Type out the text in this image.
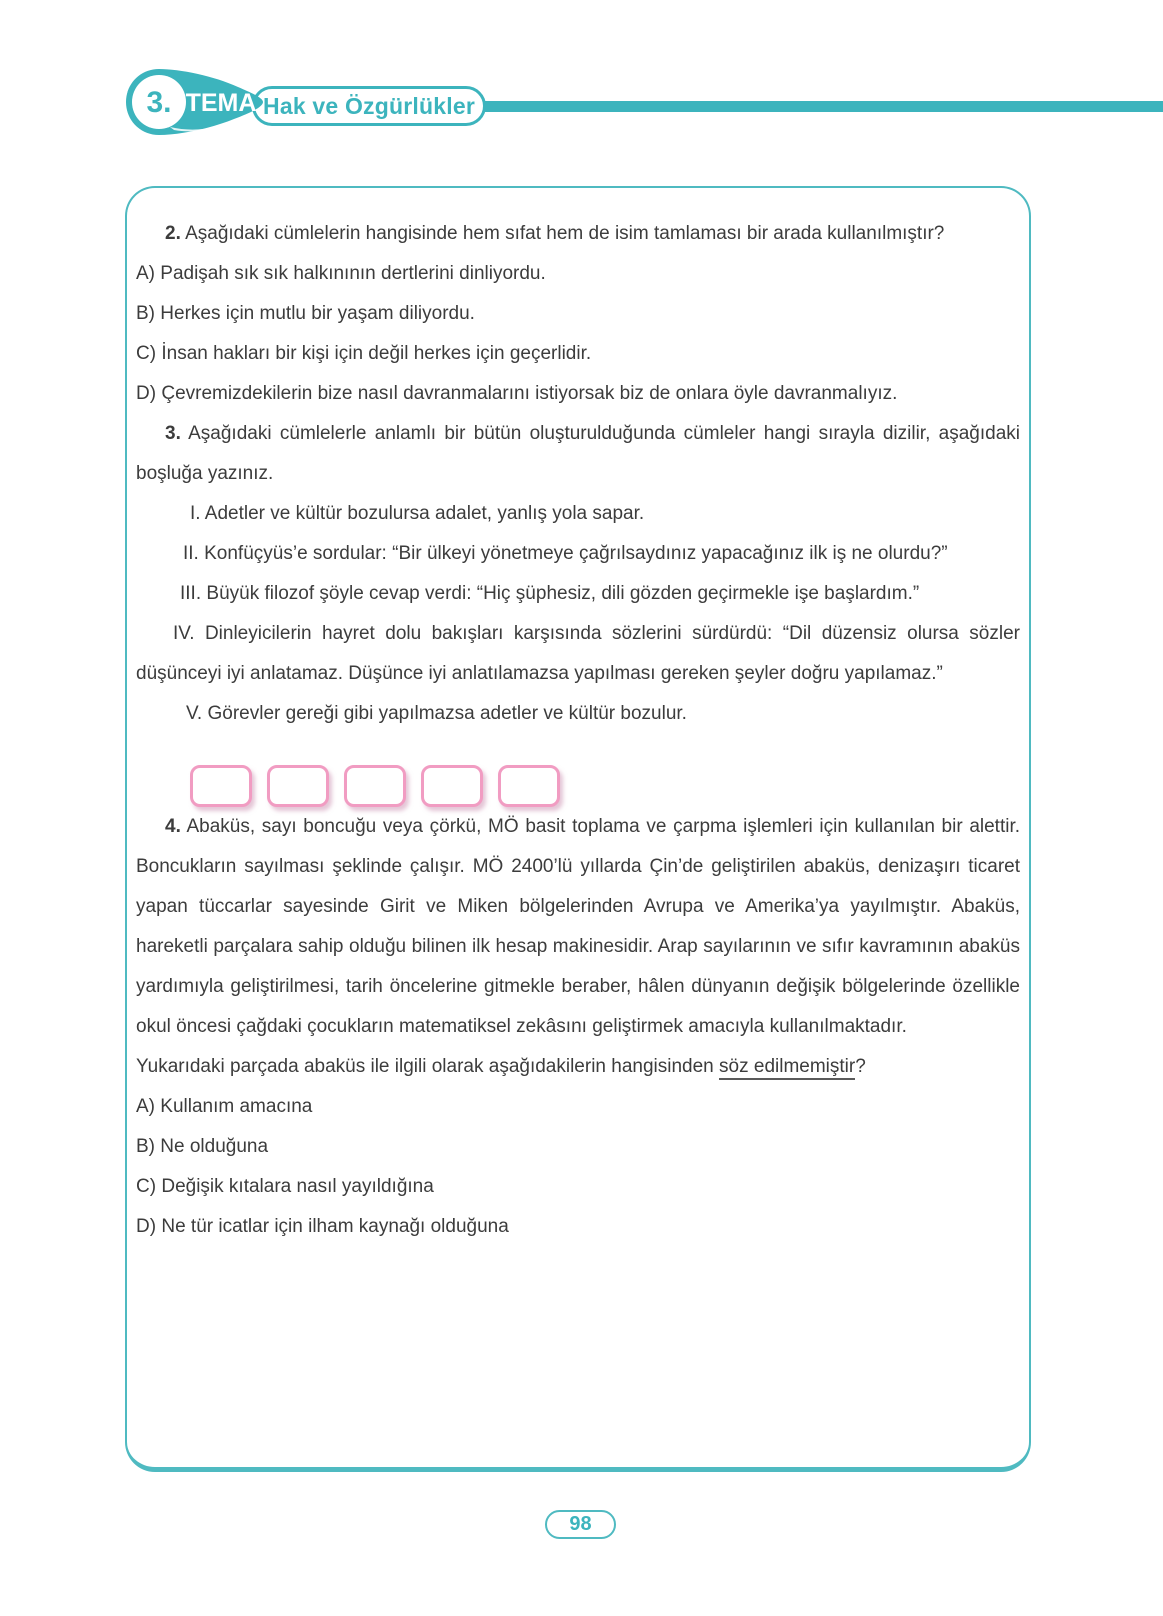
Hak ve Özgürlükler
3. TEMA

2. Aşağıdaki cümlelerin hangisinde hem sıfat hem de isim tamlaması bir arada kullanılmıştır?

A) Padişah sık sık halkınının dertlerini dinliyordu.

B) Herkes için mutlu bir yaşam diliyordu.

C) İnsan hakları bir kişi için değil herkes için geçerlidir.

D) Çevremizdekilerin bize nasıl davranmalarını istiyorsak biz de onlara öyle davranmalıyız.

3. Aşağıdaki cümlelerle anlamlı bir bütün oluşturulduğunda cümleler hangi sırayla dizilir, aşağıdaki boşluğa yazınız.

I. Adetler ve kültür bozulursa adalet, yanlış yola sapar.

II. Konfüçyüs’e sordular: “Bir ülkeyi yönetmeye çağrılsaydınız yapacağınız ilk iş ne olurdu?”

III. Büyük filozof şöyle cevap verdi: “Hiç şüphesiz, dili gözden geçirmekle işe başlardım.”

IV. Dinleyicilerin hayret dolu bakışları karşısında sözlerini sürdürdü: “Dil düzensiz olursa sözler düşünceyi iyi anlatamaz. Düşünce iyi anlatılamazsa yapılması gereken şeyler doğru yapılamaz.”

V. Görevler gereği gibi yapılmazsa adetler ve kültür bozulur.

4. Abaküs, sayı boncuğu veya çörkü, MÖ basit toplama ve çarpma işlemleri için kullanılan bir alettir. Boncukların sayılması şeklinde çalışır. MÖ 2400’lü yıllarda Çin’de geliştirilen abaküs, denizaşırı ticaret yapan tüccarlar sayesinde Girit ve Miken bölgelerinden Avrupa ve Amerika’ya yayılmıştır. Abaküs, hareketli parçalara sahip olduğu bilinen ilk hesap makinesidir. Arap sayılarının ve sıfır kavramının abaküs yardımıyla geliştirilmesi, tarih öncelerine gitmekle beraber, hâlen dünyanın değişik bölgelerinde özellikle okul öncesi çağdaki çocukların matematiksel zekâsını geliştirmek amacıyla kullanılmaktadır.

Yukarıdaki parçada abaküs ile ilgili olarak aşağıdakilerin hangisinden söz edilmemiştir?

A) Kullanım amacına

B) Ne olduğuna

C) Değişik kıtalara nasıl yayıldığına

D) Ne tür icatlar için ilham kaynağı olduğuna

98
